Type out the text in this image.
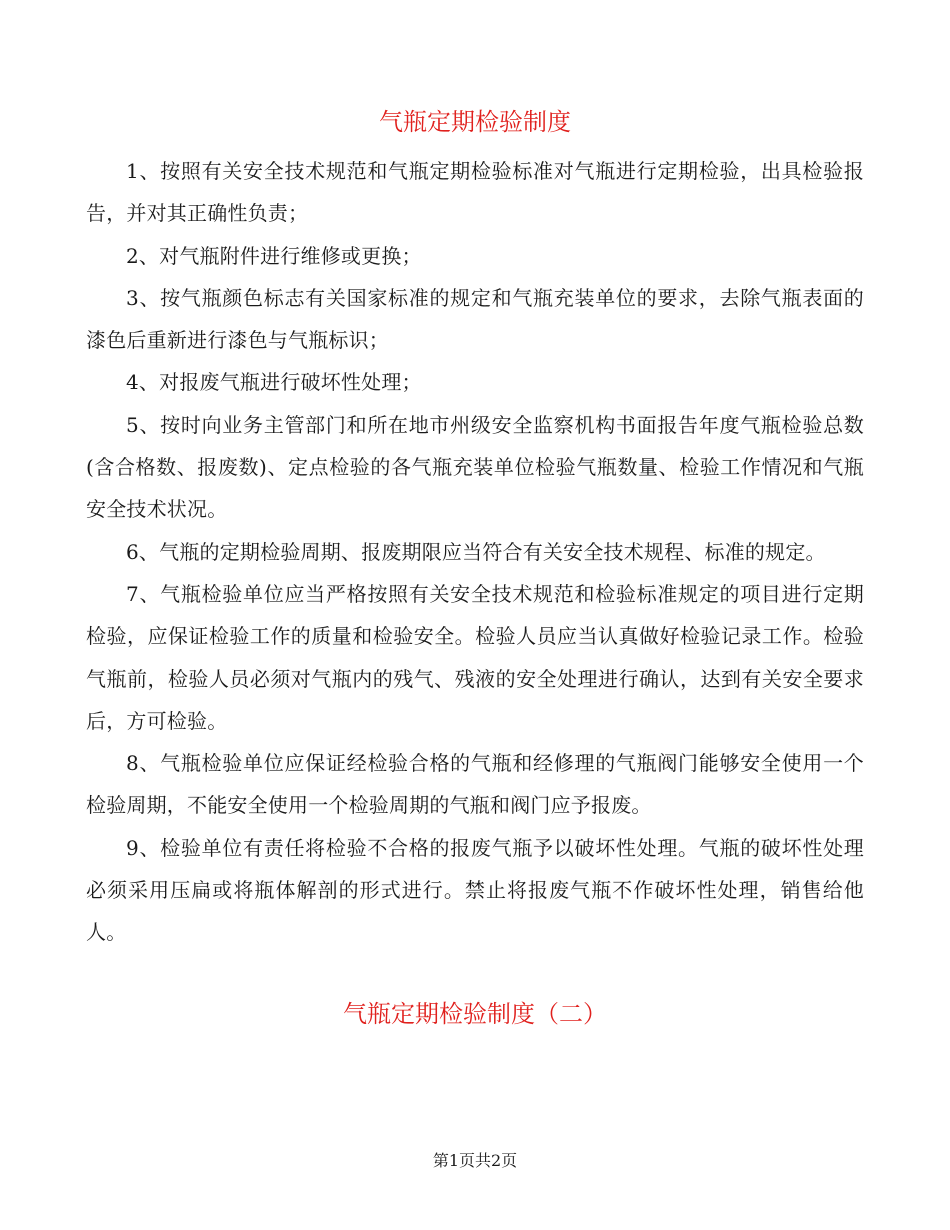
气瓶定期检验制度

1、按照有关安全技术规范和气瓶定期检验标准对气瓶进行定期检验，出具检验报告，并对其正确性负责；

2、对气瓶附件进行维修或更换；

3、按气瓶颜色标志有关国家标准的规定和气瓶充装单位的要求，去除气瓶表面的漆色后重新进行漆色与气瓶标识；

4、对报废气瓶进行破坏性处理；

5、按时向业务主管部门和所在地市州级安全监察机构书面报告年度气瓶检验总数(含合格数、报废数)、定点检验的各气瓶充装单位检验气瓶数量、检验工作情况和气瓶安全技术状况。

6、气瓶的定期检验周期、报废期限应当符合有关安全技术规程、标准的规定。

7、气瓶检验单位应当严格按照有关安全技术规范和检验标准规定的项目进行定期检验，应保证检验工作的质量和检验安全。检验人员应当认真做好检验记录工作。检验气瓶前，检验人员必须对气瓶内的残气、残液的安全处理进行确认，达到有关安全要求后，方可检验。

8、气瓶检验单位应保证经检验合格的气瓶和经修理的气瓶阀门能够安全使用一个检验周期，不能安全使用一个检验周期的气瓶和阀门应予报废。

9、检验单位有责任将检验不合格的报废气瓶予以破坏性处理。气瓶的破坏性处理必须采用压扁或将瓶体解剖的形式进行。禁止将报废气瓶不作破坏性处理，销售给他人。

气瓶定期检验制度（二）
第1页共2页
